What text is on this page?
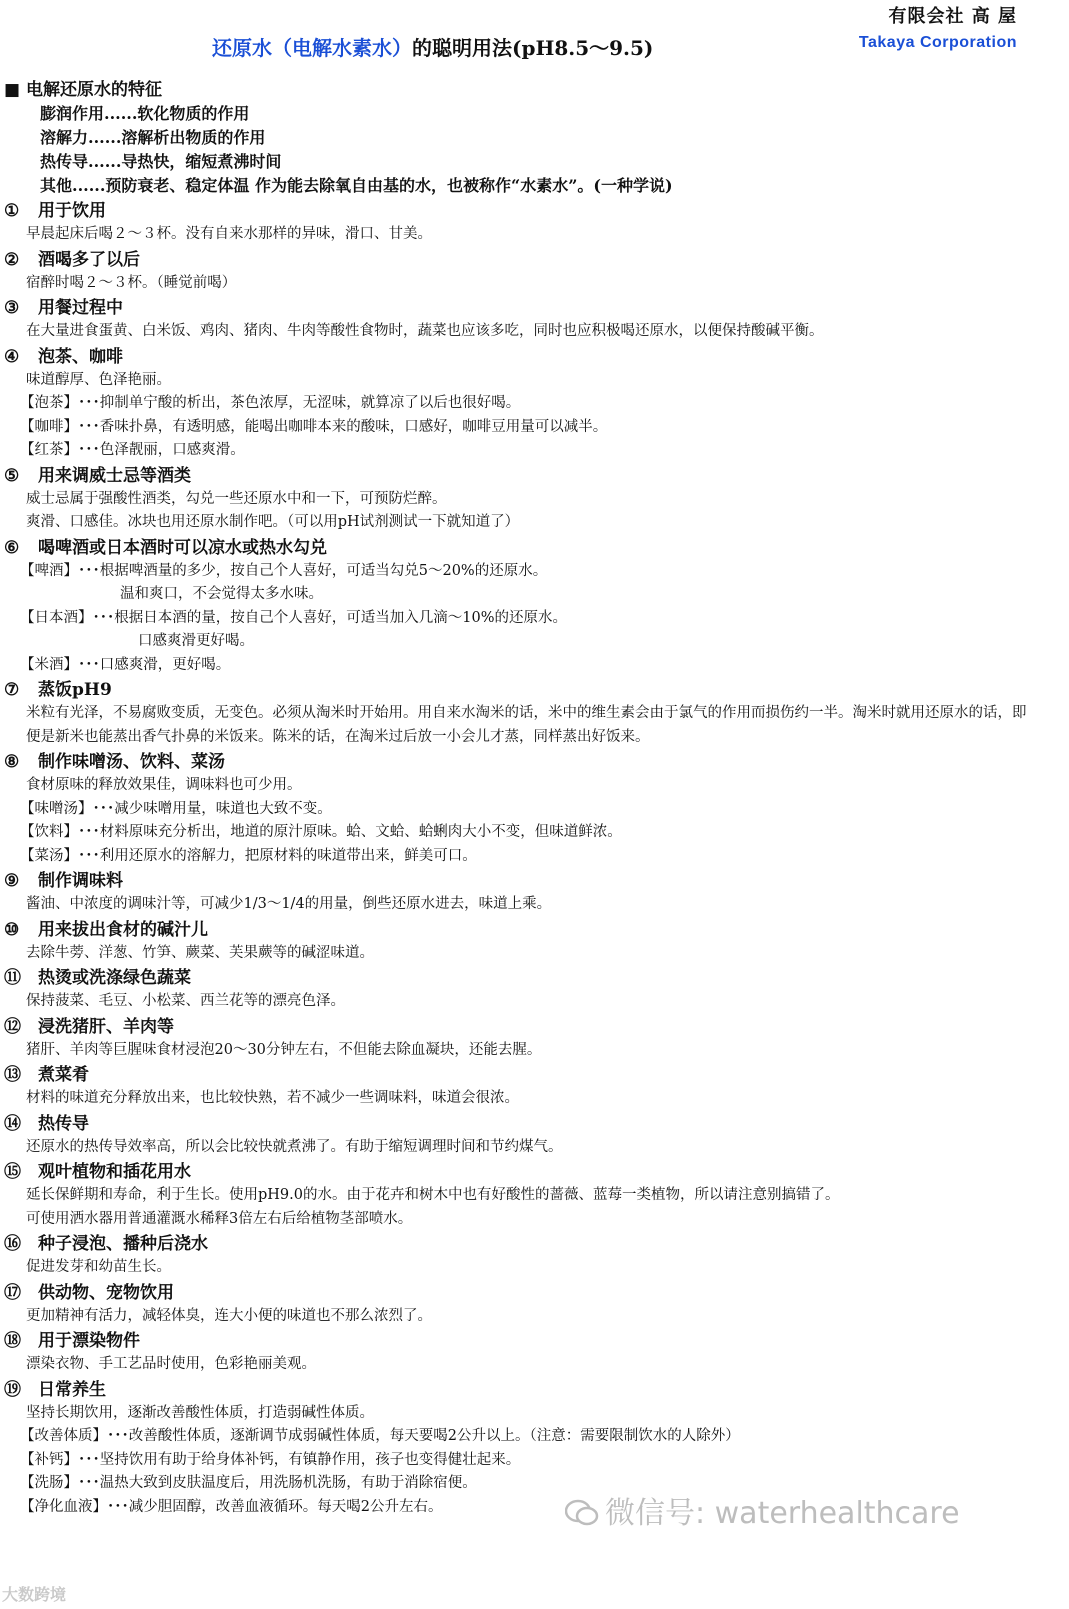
有限会社 高 屋
Takaya Corporation
还原水（电解水素水）的聪明用法(pH8.5～9.5)
■ 电解还原水的特征
膨润作用......软化物质的作用
溶解力......溶解析出物质的作用
热传导......导热快，缩短煮沸时间
其他......预防衰老、稳定体温 作为能去除氧自由基的水，也被称作“水素水”。(一种学说)
① 用于饮用
早晨起床后喝２～３杯。没有自来水那样的异味，滑口、甘美。
② 酒喝多了以后
宿醉时喝２～３杯。（睡觉前喝）
③ 用餐过程中
在大量进食蛋黄、白米饭、鸡肉、猪肉、牛肉等酸性食物时，蔬菜也应该多吃，同时也应积极喝还原水，以便保持酸碱平衡。
④ 泡茶、咖啡
味道醇厚、色泽艳丽。
【泡茶】･･･抑制单宁酸的析出，茶色浓厚，无涩味，就算凉了以后也很好喝。
【咖啡】･･･香味扑鼻，有透明感，能喝出咖啡本来的酸味，口感好，咖啡豆用量可以减半。
【红茶】･･･色泽靓丽，口感爽滑。
⑤ 用来调威士忌等酒类
威士忌属于强酸性酒类，勾兑一些还原水中和一下，可预防烂醉。
爽滑、口感佳。冰块也用还原水制作吧。（可以用pH试剂测试一下就知道了）
⑥ 喝啤酒或日本酒时可以凉水或热水勾兑
【啤酒】･･･根据啤酒量的多少，按自己个人喜好，可适当勾兑5～20%的还原水。
温和爽口，不会觉得太多水味。
【日本酒】･･･根据日本酒的量，按自己个人喜好，可适当加入几滴～10%的还原水。
口感爽滑更好喝。
【米酒】･･･口感爽滑，更好喝。
⑦ 蒸饭pH9
米粒有光泽，不易腐败变质，无变色。必须从淘米时开始用。用自来水淘米的话，米中的维生素会由于氯气的作用而损伤约一半。淘米时就用还原水的话，即便是新米也能蒸出香气扑鼻的米饭来。陈米的话，在淘米过后放一小会儿才蒸，同样蒸出好饭来。
⑧ 制作味噌汤、饮料、菜汤
食材原味的释放效果佳，调味料也可少用。
【味噌汤】･･･减少味噌用量，味道也大致不变。
【饮料】･･･材料原味充分析出，地道的原汁原味。蛤、文蛤、蛤蜊肉大小不变，但味道鲜浓。
【菜汤】･･･利用还原水的溶解力，把原材料的味道带出来，鲜美可口。
⑨ 制作调味料
酱油、中浓度的调味汁等，可减少1/3～1/4的用量，倒些还原水进去，味道上乘。
⑩ 用来拔出食材的碱汁儿
去除牛蒡、洋葱、竹笋、蕨菜、芙果蕨等的碱涩味道。
⑪ 热烫或洗涤绿色蔬菜
保持菠菜、毛豆、小松菜、西兰花等的漂亮色泽。
⑫ 浸洗猪肝、羊肉等
猪肝、羊肉等巨腥味食材浸泡20～30分钟左右，不但能去除血凝块，还能去腥。
⑬ 煮菜肴
材料的味道充分释放出来，也比较快熟，若不减少一些调味料，味道会很浓。
⑭ 热传导
还原水的热传导效率高，所以会比较快就煮沸了。有助于缩短调理时间和节约煤气。
⑮ 观叶植物和插花用水
延长保鲜期和寿命，利于生长。使用pH9.0的水。由于花卉和树木中也有好酸性的蔷薇、蓝莓一类植物，所以请注意别搞错了。
可使用洒水器用普通灌溉水稀释3倍左右后给植物茎部喷水。
⑯ 种子浸泡、播种后浇水
促进发芽和幼苗生长。
⑰ 供动物、宠物饮用
更加精神有活力，减轻体臭，连大小便的味道也不那么浓烈了。
⑱ 用于漂染物件
漂染衣物、手工艺品时使用，色彩艳丽美观。
⑲ 日常养生
坚持长期饮用，逐渐改善酸性体质，打造弱碱性体质。
【改善体质】･･･改善酸性体质，逐渐调节成弱碱性体质，每天要喝2公升以上。（注意：需要限制饮水的人除外）
【补钙】･･･坚持饮用有助于给身体补钙，有镇静作用，孩子也变得健壮起来。
【洗肠】･･･温热大致到皮肤温度后，用洗肠机洗肠，有助于消除宿便。
【净化血液】･･･减少胆固醇，改善血液循环。每天喝2公升左右。	微信号: waterhealthcare
大数跨境
